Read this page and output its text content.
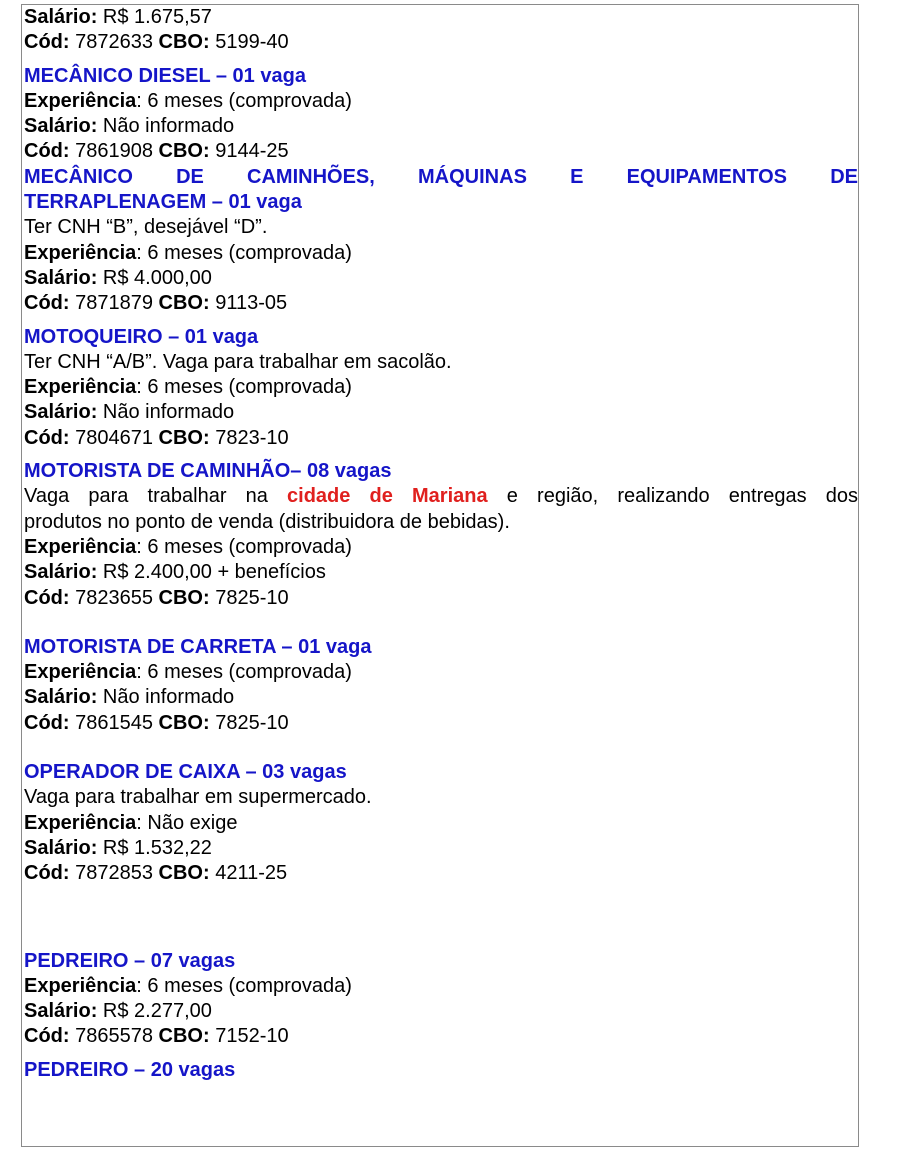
Salário: R$ 1.675,57
Cód: 7872633 CBO: 5199-40
MECÂNICO DIESEL – 01 vaga
Experiência: 6 meses (comprovada)
Salário: Não informado
Cód: 7861908 CBO: 9144-25
MECÂNICO DE CAMINHÕES, MÁQUINAS E EQUIPAMENTOS DE
TERRAPLENAGEM – 01 vaga
Ter CNH “B”, desejável “D”.
Experiência: 6 meses (comprovada)
Salário: R$ 4.000,00
Cód: 7871879 CBO: 9113-05
MOTOQUEIRO – 01 vaga
Ter CNH “A/B”. Vaga para trabalhar em sacolão.
Experiência: 6 meses (comprovada)
Salário: Não informado
Cód: 7804671 CBO: 7823-10
MOTORISTA DE CAMINHÃO– 08 vagas
Vaga para trabalhar na cidade de Mariana e região, realizando entregas dos
produtos no ponto de venda (distribuidora de bebidas).
Experiência: 6 meses (comprovada)
Salário: R$ 2.400,00 + benefícios
Cód: 7823655 CBO: 7825-10
MOTORISTA DE CARRETA – 01 vaga
Experiência: 6 meses (comprovada)
Salário: Não informado
Cód: 7861545 CBO: 7825-10
OPERADOR DE CAIXA – 03 vagas
Vaga para trabalhar em supermercado.
Experiência: Não exige
Salário: R$ 1.532,22
Cód: 7872853 CBO: 4211-25
PEDREIRO – 07 vagas
Experiência: 6 meses (comprovada)
Salário: R$ 2.277,00
Cód: 7865578 CBO: 7152-10
PEDREIRO – 20 vagas
